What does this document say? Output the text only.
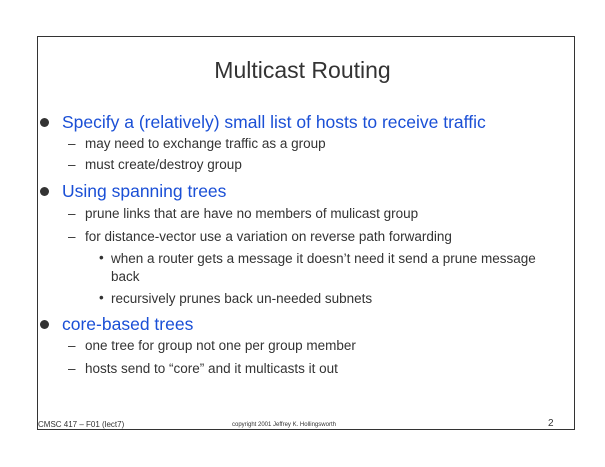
Multicast Routing
Specify a (relatively) small list of hosts to receive traffic
– may need to exchange traffic as a group
– must create/destroy group
Using spanning trees
– prune links that are have no members of mulicast group
– for distance-vector use a variation on reverse path forwarding
• when a router gets a message it doesn’t need it send a prune message back
• recursively prunes back un-needed subnets
core-based trees
– one tree for group not one per group member
– hosts send to “core” and it multicasts it out
CMSC 417 – F01 (lect7)	copyright 2001 Jeffrey K. Hollingsworth	2
